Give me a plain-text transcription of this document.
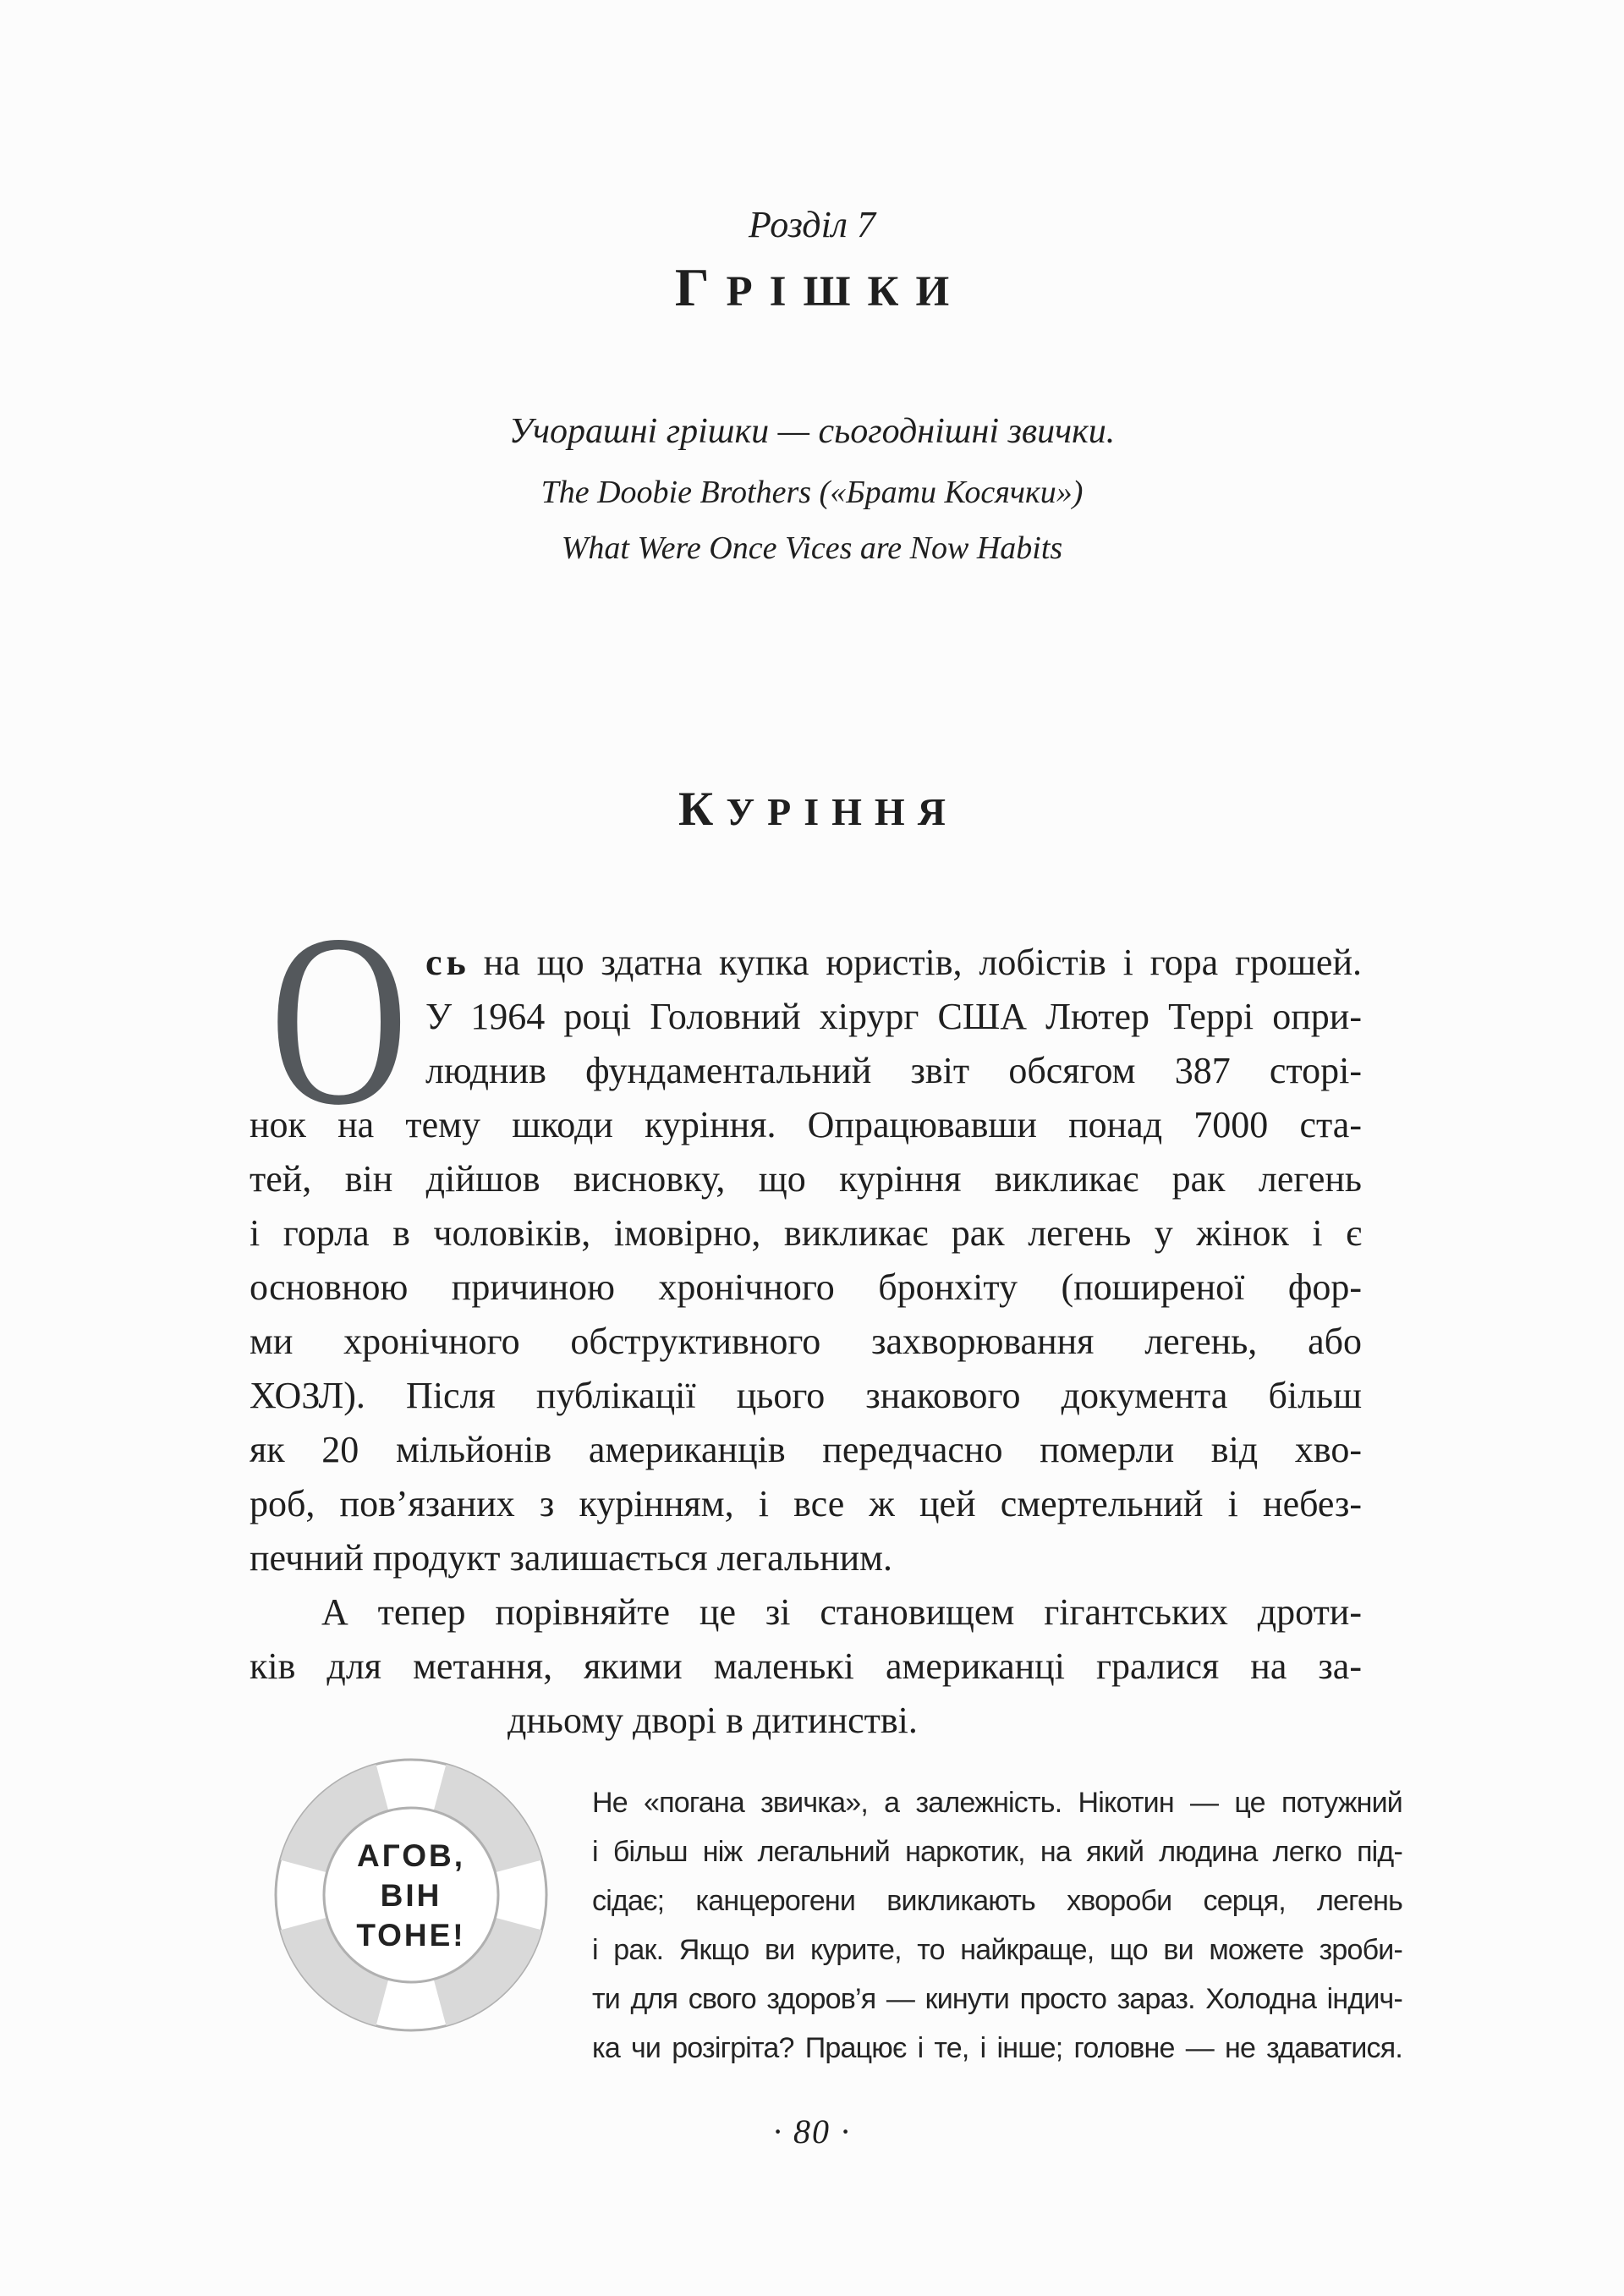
Розділ 7
ГРІШКИ
Учорашні грішки — сьогоднішні звички.
The Doobie Brothers («Брати Косячки»)
What Were Once Vices are Now Habits
КУРІННЯ
О сь на що здатна купка юристів, лобістів і гора грошей.
У 1964 році Головний хірург США Лютер Террі опри-
люднив фундаментальний звіт обсягом 387 сторі-
нок на тему шкоди куріння. Опрацювавши понад 7000 ста-
тей, він дійшов висновку, що куріння викликає рак легень
і горла в чоловіків, імовірно, викликає рак легень у жінок і є
основною причиною хронічного бронхіту (поширеної фор-
ми хронічного обструктивного захворювання легень, або
ХОЗЛ). Після публікації цього знакового документа більш
як 20 мільйонів американців передчасно померли від хво-
роб, пов’язаних з курінням, і все ж цей смертельний і небез-
печний продукт залишається легальним.
А тепер порівняйте це зі становищем гігантських дроти-
ків для метання, якими маленькі американці гралися на за-
дньому дворі в дитинстві.
АГОВ,
ВІН
ТОНЕ!
Не «погана звичка», а залежність. Нікотин — це потужний
і більш ніж легальний наркотик, на який людина легко під-
сідає; канцерогени викликають хвороби серця, легень
і рак. Якщо ви курите, то найкраще, що ви можете зроби-
ти для свого здоров’я — кинути просто зараз. Холодна індич-
ка чи розігріта? Працює і те, і інше; головне — не здаватися.
· 80 ·
